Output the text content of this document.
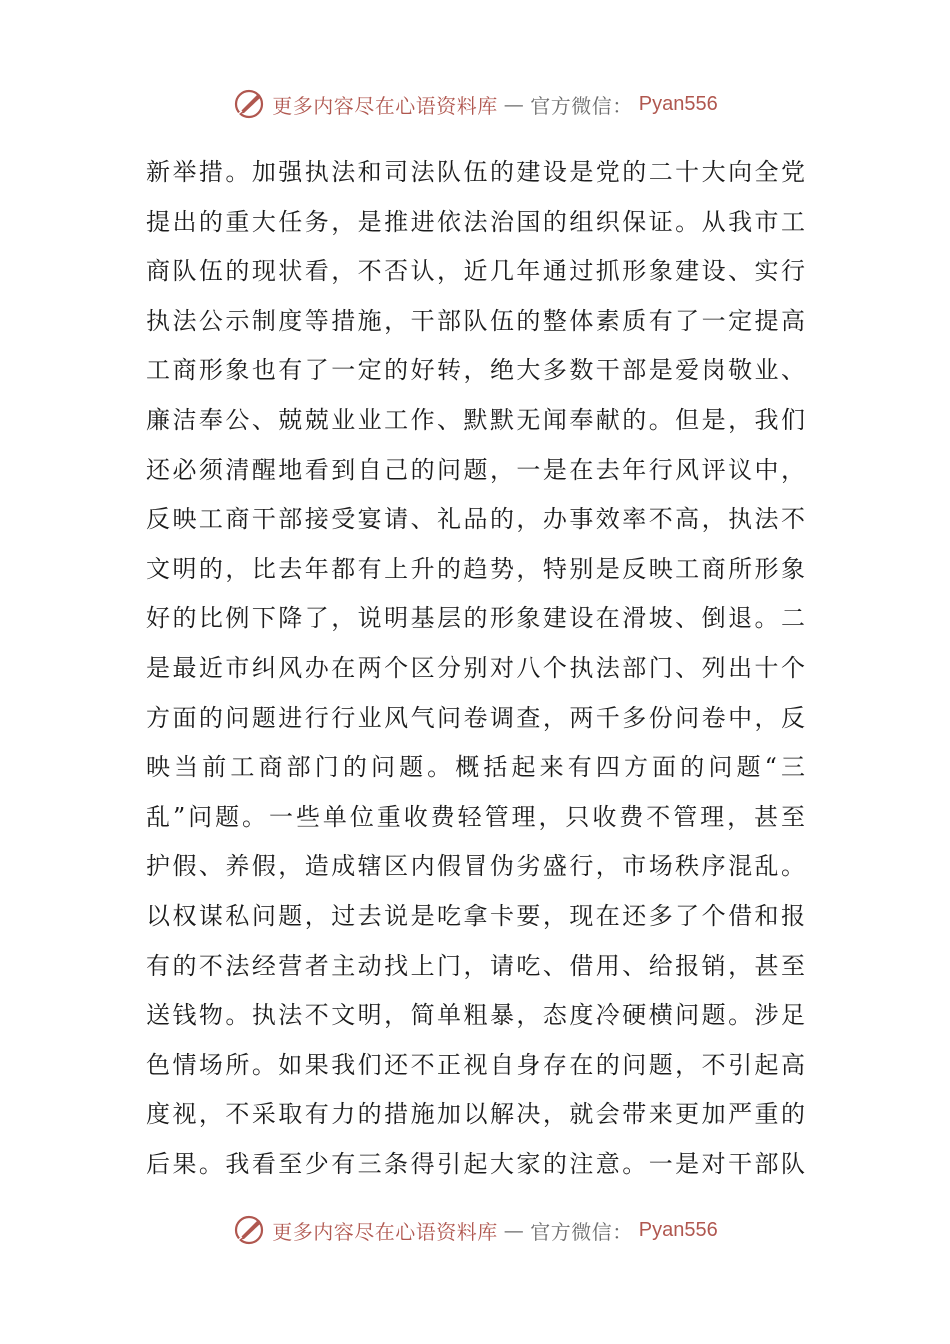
更多内容尽在心语资料库 — 官方微信： Pyan556
新举措。加强执法和司法队伍的建设是党的二十大向全党
提出的重大任务，是推进依法治国的组织保证。从我市工
商队伍的现状看，不否认，近几年通过抓形象建设、实行
执法公示制度等措施，干部队伍的整体素质有了一定提高
工商形象也有了一定的好转，绝大多数干部是爱岗敬业、
廉洁奉公、兢兢业业工作、默默无闻奉献的。但是，我们
还必须清醒地看到自己的问题，一是在去年行风评议中，
反映工商干部接受宴请、礼品的，办事效率不高，执法不
文明的，比去年都有上升的趋势，特别是反映工商所形象
好的比例下降了，说明基层的形象建设在滑坡、倒退。二
是最近市纠风办在两个区分别对八个执法部门、列出十个
方面的问题进行行业风气问卷调查，两千多份问卷中，反
映当前工商部门的问题。概括起来有四方面的问题“三
乱”问题。一些单位重收费轻管理，只收费不管理，甚至
护假、养假，造成辖区内假冒伪劣盛行，市场秩序混乱。
以权谋私问题，过去说是吃拿卡要，现在还多了个借和报
有的不法经营者主动找上门，请吃、借用、给报销，甚至
送钱物。执法不文明，简单粗暴，态度冷硬横问题。涉足
色情场所。如果我们还不正视自身存在的问题，不引起高
度视，不采取有力的措施加以解决，就会带来更加严重的
后果。我看至少有三条得引起大家的注意。一是对干部队
更多内容尽在心语资料库 — 官方微信： Pyan556
